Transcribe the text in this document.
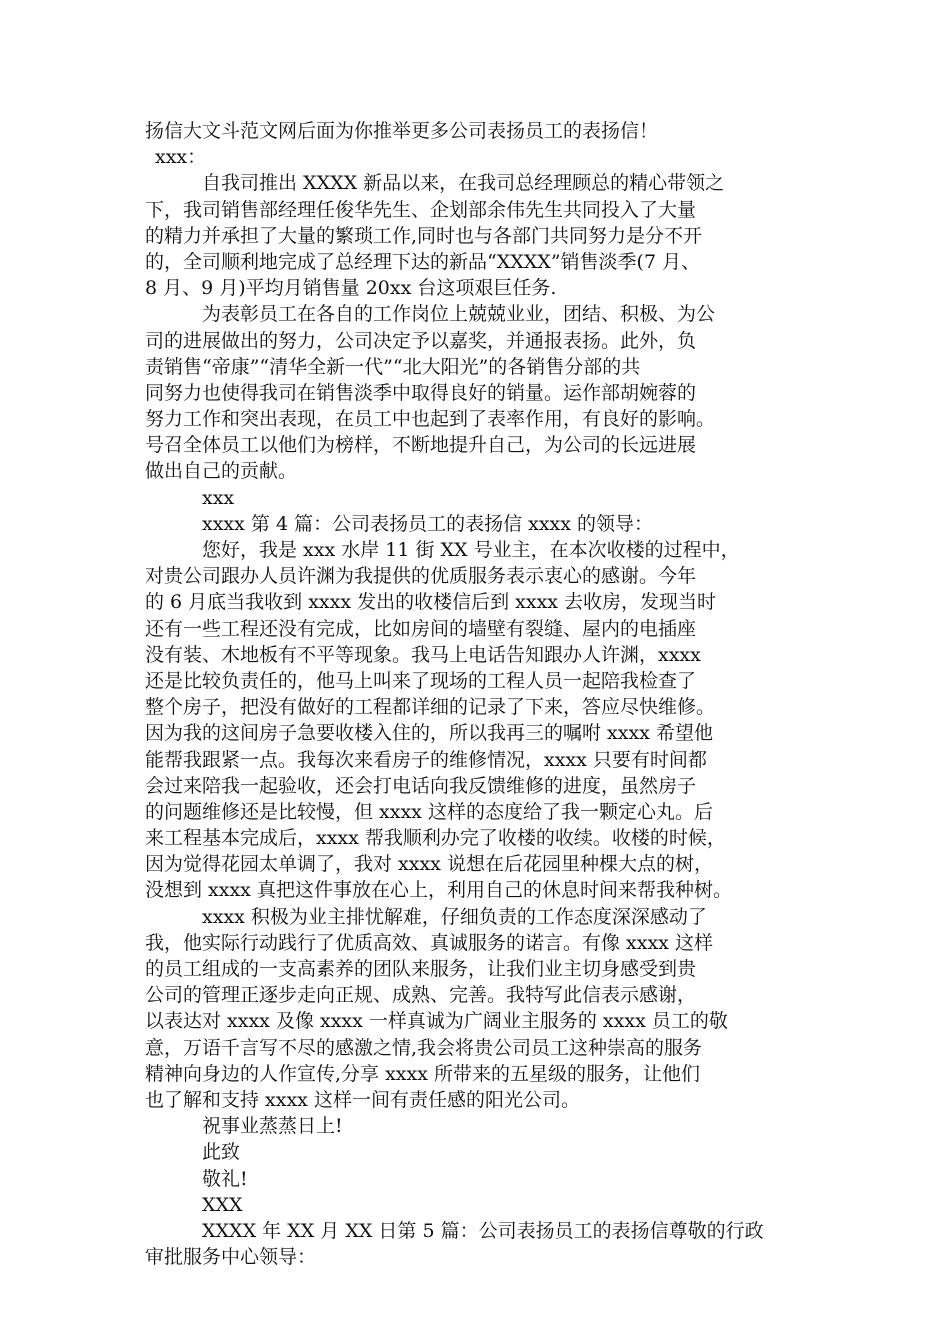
扬信大文斗范文网后面为你推举更多公司表扬员工的表扬信！
xxx：
自我司推出 XXXX 新品以来，在我司总经理顾总的精心带领之
下，我司销售部经理任俊华先生、企划部余伟先生共同投入了大量
的精力并承担了大量的繁琐工作,同时也与各部门共同努力是分不开
的，全司顺利地完成了总经理下达的新品“XXXX”销售淡季(7 月、
8 月、9 月)平均月销售量 20xx 台这项艰巨任务.
为表彰员工在各自的工作岗位上兢兢业业，团结、积极、为公
司的进展做出的努力，公司决定予以嘉奖，并通报表扬。此外，负
责销售“帝康”“清华全新一代”“北大阳光”的各销售分部的共
同努力也使得我司在销售淡季中取得良好的销量。运作部胡婉蓉的
努力工作和突出表现，在员工中也起到了表率作用，有良好的影响。
号召全体员工以他们为榜样，不断地提升自己，为公司的长远进展
做出自己的贡献。
xxx
xxxx 第 4 篇：公司表扬员工的表扬信 xxxx 的领导：
您好，我是 xxx 水岸 11 街 XX 号业主，在本次收楼的过程中，
对贵公司跟办人员许渊为我提供的优质服务表示衷心的感谢。今年
的 6 月底当我收到 xxxx 发出的收楼信后到 xxxx 去收房，发现当时
还有一些工程还没有完成，比如房间的墙壁有裂缝、屋内的电插座
没有装、木地板有不平等现象。我马上电话告知跟办人许渊，xxxx
还是比较负责任的，他马上叫来了现场的工程人员一起陪我检查了
整个房子，把没有做好的工程都详细的记录了下来，答应尽快维修。
因为我的这间房子急要收楼入住的，所以我再三的嘱咐 xxxx 希望他
能帮我跟紧一点。我每次来看房子的维修情况，xxxx 只要有时间都
会过来陪我一起验收，还会打电话向我反馈维修的进度，虽然房子
的问题维修还是比较慢，但 xxxx 这样的态度给了我一颗定心丸。后
来工程基本完成后，xxxx 帮我顺利办完了收楼的收续。收楼的时候，
因为觉得花园太单调了，我对 xxxx 说想在后花园里种棵大点的树，
没想到 xxxx 真把这件事放在心上，利用自己的休息时间来帮我种树。
xxxx 积极为业主排忧解难，仔细负责的工作态度深深感动了
我，他实际行动践行了优质高效、真诚服务的诺言。有像 xxxx 这样
的员工组成的一支高素养的团队来服务，让我们业主切身感受到贵
公司的管理正逐步走向正规、成熟、完善。我特写此信表示感谢，
以表达对 xxxx 及像 xxxx 一样真诚为广阔业主服务的 xxxx 员工的敬
意，万语千言写不尽的感激之情,我会将贵公司员工这种崇高的服务
精神向身边的人作宣传,分享 xxxx 所带来的五星级的服务，让他们
也了解和支持 xxxx 这样一间有责任感的阳光公司。
祝事业蒸蒸日上!
此致
敬礼!
XXX
XXXX 年 XX 月 XX 日第 5 篇：公司表扬员工的表扬信尊敬的行政
审批服务中心领导：
